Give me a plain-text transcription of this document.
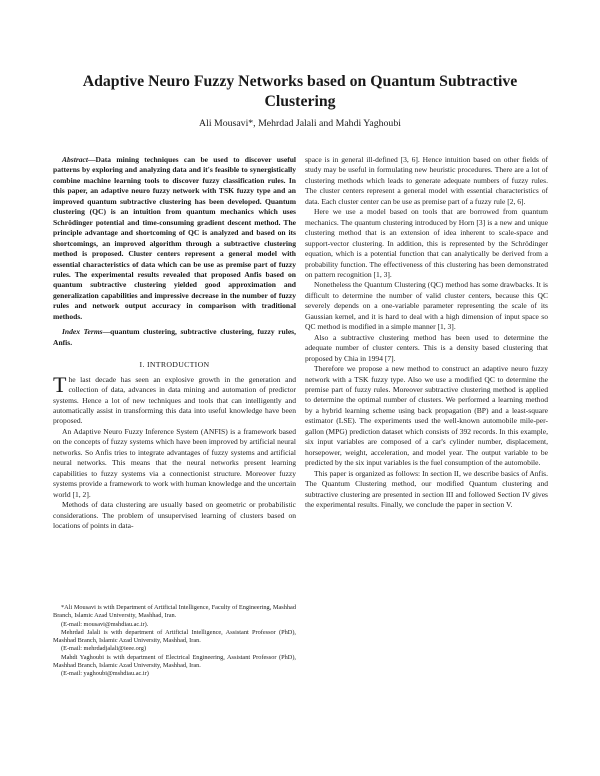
Adaptive Neuro Fuzzy Networks based on Quantum Subtractive Clustering
Ali Mousavi*, Mehrdad Jalali and Mahdi Yaghoubi

Abstract—Data mining techniques can be used to discover useful patterns by exploring and analyzing data and it's feasible to synergistically combine machine learning tools to discover fuzzy classification rules. In this paper, an adaptive neuro fuzzy network with TSK fuzzy type and an improved quantum subtractive clustering has been developed. Quantum clustering (QC) is an intuition from quantum mechanics which uses Schrödinger potential and time-consuming gradient descent method. The principle advantage and shortcoming of QC is analyzed and based on its shortcomings, an improved algorithm through a subtractive clustering method is proposed. Cluster centers represent a general model with essential characteristics of data which can be use as premise part of fuzzy rules. The experimental results revealed that proposed Anfis based on quantum subtractive clustering yielded good approximation and generalization capabilities and impressive decrease in the number of fuzzy rules and network output accuracy in comparison with traditional methods.

Index Terms—quantum clustering, subtractive clustering, fuzzy rules, Anfis.

I. INTRODUCTION

The last decade has seen an explosive growth in the generation and collection of data, advances in data mining and automation of predictor systems. Hence a lot of new techniques and tools that can intelligently and automatically assist in transforming this data into useful knowledge have been proposed.

An Adaptive Neuro Fuzzy Inference System (ANFIS) is a framework based on the concepts of fuzzy systems which have been improved by artificial neural networks. So Anfis tries to integrate advantages of fuzzy systems and artificial neural networks. This means that the neural networks present learning capabilities to fuzzy systems via a connectionist structure. Moreover fuzzy systems provide a framework to work with human knowledge and the uncertain world [1, 2].

Methods of data clustering are usually based on geometric or probabilistic considerations. The problem of unsupervised learning of clusters based on locations of points in data-

*Ali Mousavi is with Department of Artificial Intelligence, Faculty of Engineering, Mashhad Branch, Islamic Azad University, Mashhad, Iran.

(E-mail: mousavi@mshdiau.ac.ir).

Mehrdad Jalali is with department of Artificial Intelligence, Assistant Professor (PhD), Mashhad Branch, Islamic Azad University, Mashhad, Iran.

(E-mail: mehrdadjalali@ieee.org)

Mahdi Yaghoubi is with department of Electrical Engineering, Assistant Professor (PhD), Mashhad Branch, Islamic Azad University, Mashhad, Iran.

(E-mail: yaghoubi@mshdiau.ac.ir)

space is in general ill-defined [3, 6]. Hence intuition based on other fields of study may be useful in formulating new heuristic procedures. There are a lot of clustering methods which leads to generate adequate numbers of fuzzy rules. The cluster centers represent a general model with essential characteristics of data. Each cluster center can be use as premise part of a fuzzy rule [2, 6].

Here we use a model based on tools that are borrowed from quantum mechanics. The quantum clustering introduced by Horn [3] is a new and unique clustering method that is an extension of idea inherent to scale-space and support-vector clustering. In addition, this is represented by the Schrödinger equation, which is a potential function that can analytically be derived from a probability function. The effectiveness of this clustering has been demonstrated on pattern recognition [1, 3].

Nonetheless the Quantum Clustering (QC) method has some drawbacks. It is difficult to determine the number of valid cluster centers, because this QC severely depends on a one-variable parameter representing the scale of its Gaussian kernel, and it is hard to deal with a high dimension of input space so QC method is modified in a simple manner [1, 3].

Also a subtractive clustering method has been used to determine the adequate number of cluster centers. This is a density based clustering that proposed by Chia in 1994 [7].

Therefore we propose a new method to construct an adaptive neuro fuzzy network with a TSK fuzzy type. Also we use a modified QC to determine the premise part of fuzzy rules. Moreover subtractive clustering method is applied to determine the optimal number of clusters. We performed a learning method by a hybrid learning scheme using back propagation (BP) and a least-square estimator (LSE). The experiments used the well-known automobile mile-per-gallon (MPG) prediction dataset which consists of 392 records. In this example, six input variables are composed of a car's cylinder number, displacement, horsepower, weight, acceleration, and model year. The output variable to be predicted by the six input variables is the fuel consumption of the automobile.

This paper is organized as follows: In section II, we describe basics of Anfis. The Quantum Clustering method, our modified Quantum clustering and subtractive clustering are presented in section III and followed Section IV gives the experimental results. Finally, we conclude the paper in section V.
